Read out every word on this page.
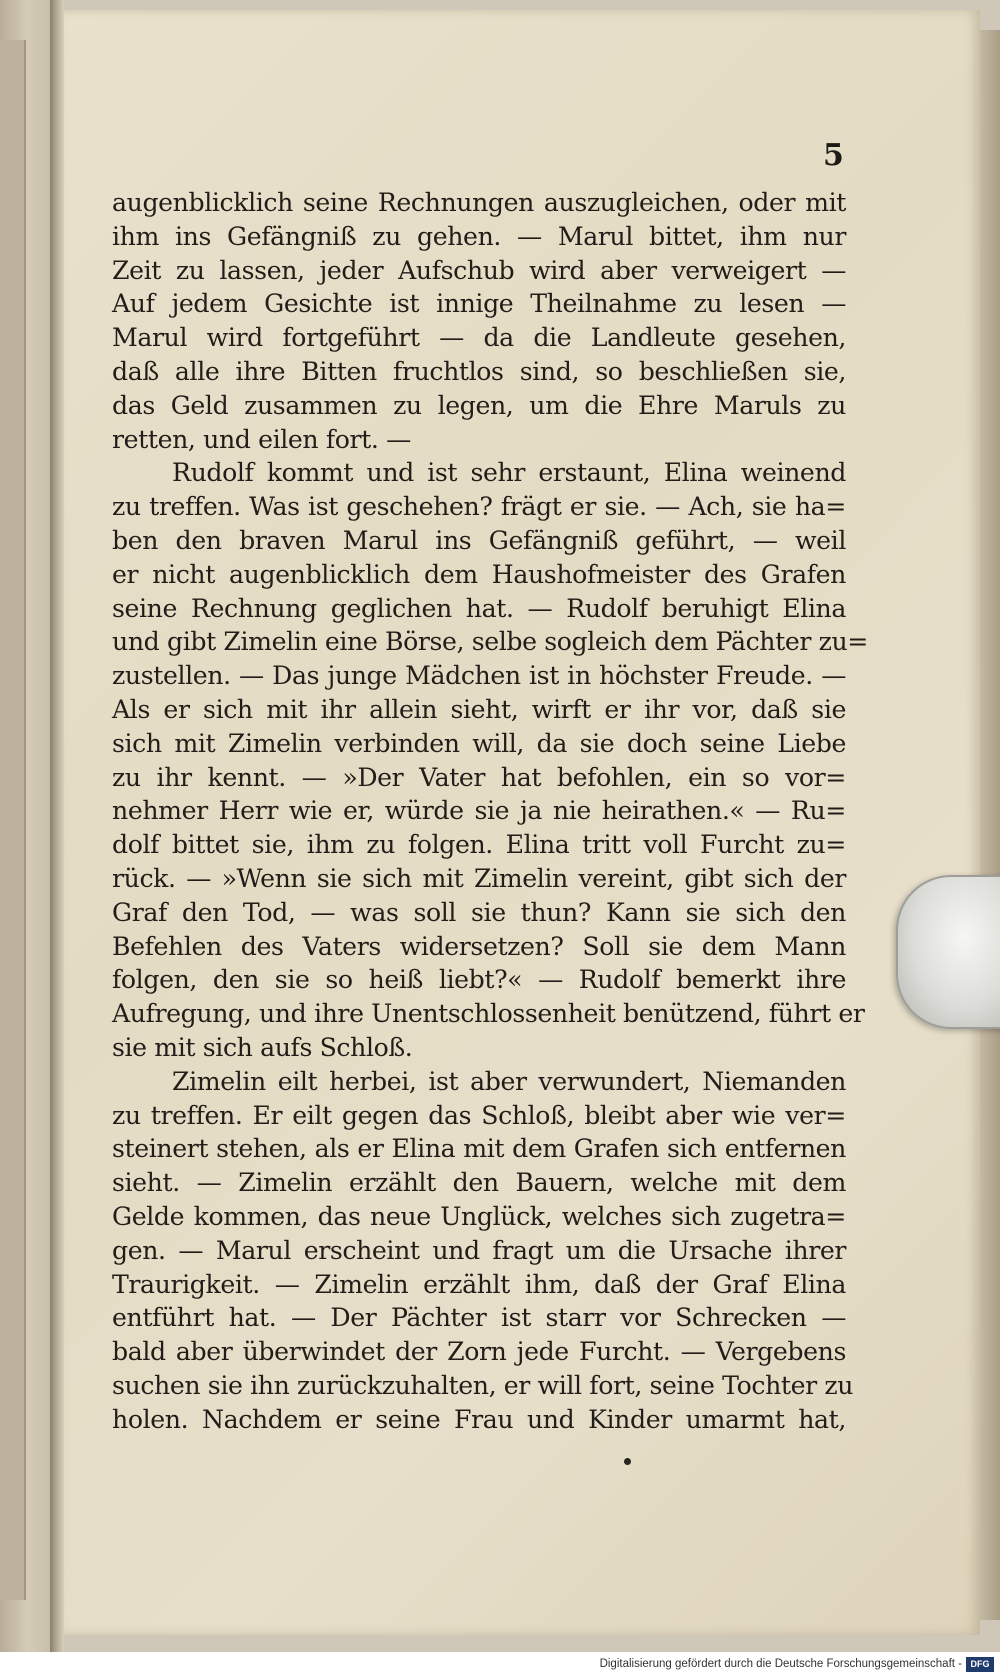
5
augenblicklich seine Rechnungen auszugleichen, oder mit
ihm ins Gefängniß zu gehen. — Marul bittet, ihm nur
Zeit zu lassen, jeder Aufschub wird aber verweigert —
Auf jedem Gesichte ist innige Theilnahme zu lesen —
Marul wird fortgeführt — da die Landleute gesehen,
daß alle ihre Bitten fruchtlos sind, so beschließen sie,
das Geld zusammen zu legen, um die Ehre Maruls zu
retten, und eilen fort. —
Rudolf kommt und ist sehr erstaunt, Elina weinend
zu treffen. Was ist geschehen? frägt er sie. — Ach, sie ha=
ben den braven Marul ins Gefängniß geführt, — weil
er nicht augenblicklich dem Haushofmeister des Grafen
seine Rechnung geglichen hat. — Rudolf beruhigt Elina
und gibt Zimelin eine Börse, selbe sogleich dem Pächter zu=
zustellen. — Das junge Mädchen ist in höchster Freude. —
Als er sich mit ihr allein sieht, wirft er ihr vor, daß sie
sich mit Zimelin verbinden will, da sie doch seine Liebe
zu ihr kennt. — »Der Vater hat befohlen, ein so vor=
nehmer Herr wie er, würde sie ja nie heirathen.« — Ru=
dolf bittet sie, ihm zu folgen. Elina tritt voll Furcht zu=
rück. — »Wenn sie sich mit Zimelin vereint, gibt sich der
Graf den Tod, — was soll sie thun? Kann sie sich den
Befehlen des Vaters widersetzen? Soll sie dem Mann
folgen, den sie so heiß liebt?« — Rudolf bemerkt ihre
Aufregung, und ihre Unentschlossenheit benützend, führt er
sie mit sich aufs Schloß.
Zimelin eilt herbei, ist aber verwundert, Niemanden
zu treffen. Er eilt gegen das Schloß, bleibt aber wie ver=
steinert stehen, als er Elina mit dem Grafen sich entfernen
sieht. — Zimelin erzählt den Bauern, welche mit dem
Gelde kommen, das neue Unglück, welches sich zugetra=
gen. — Marul erscheint und fragt um die Ursache ihrer
Traurigkeit. — Zimelin erzählt ihm, daß der Graf Elina
entführt hat. — Der Pächter ist starr vor Schrecken —
bald aber überwindet der Zorn jede Furcht. — Vergebens
suchen sie ihn zurückzuhalten, er will fort, seine Tochter zu
holen. Nachdem er seine Frau und Kinder umarmt hat,
Digitalisierung gefördert durch die Deutsche Forschungsgemeinschaft - DFG
